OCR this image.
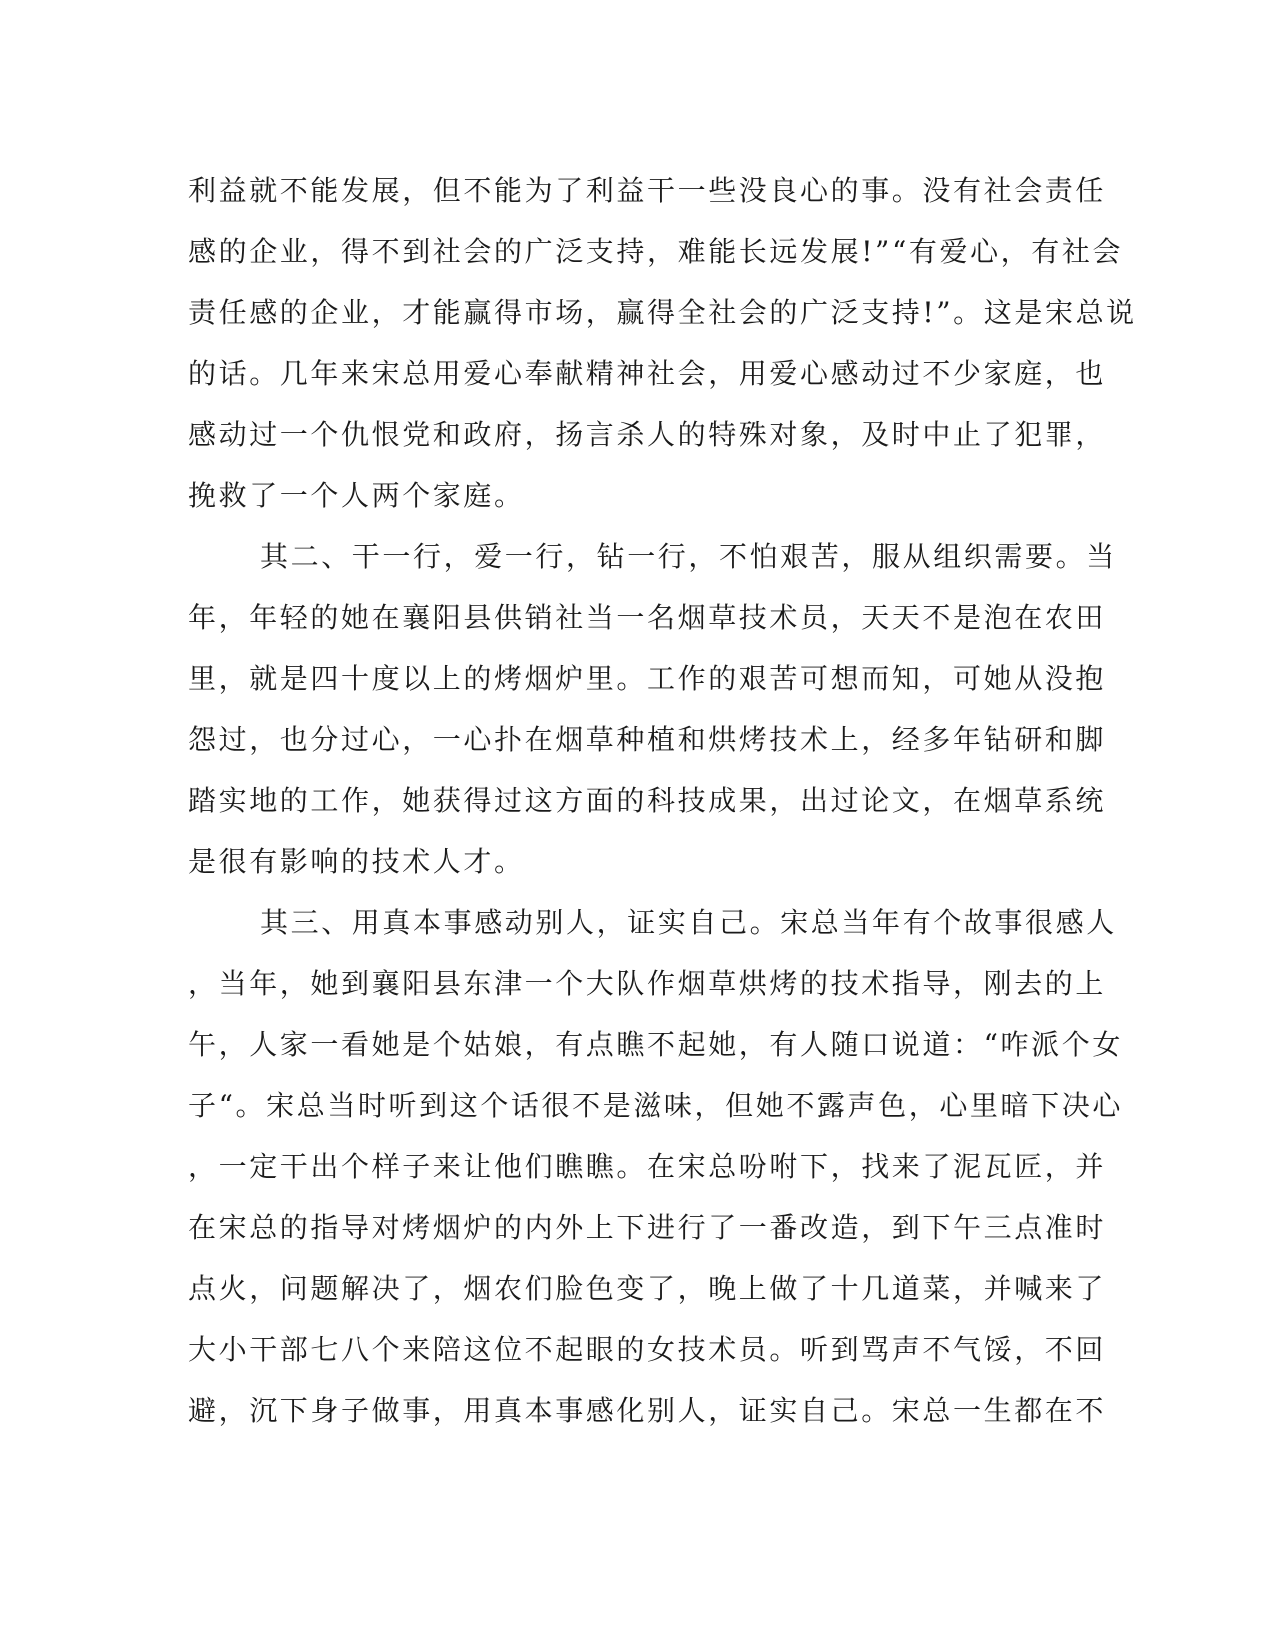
利益就不能发展，但不能为了利益干一些没良心的事。没有社会责任
感的企业，得不到社会的广泛支持，难能长远发展!”“有爱心，有社会
责任感的企业，才能赢得市场，赢得全社会的广泛支持!”。这是宋总说
的话。几年来宋总用爱心奉献精神社会，用爱心感动过不少家庭，也
感动过一个仇恨党和政府，扬言杀人的特殊对象，及时中止了犯罪，
挽救了一个人两个家庭。
其二、干一行，爱一行，钻一行，不怕艰苦，服从组织需要。当
年，年轻的她在襄阳县供销社当一名烟草技术员，天天不是泡在农田
里，就是四十度以上的烤烟炉里。工作的艰苦可想而知，可她从没抱
怨过，也分过心，一心扑在烟草种植和烘烤技术上，经多年钻研和脚
踏实地的工作，她获得过这方面的科技成果，出过论文，在烟草系统
是很有影响的技术人才。
其三、用真本事感动别人，证实自己。宋总当年有个故事很感人
，当年，她到襄阳县东津一个大队作烟草烘烤的技术指导，刚去的上
午，人家一看她是个姑娘，有点瞧不起她，有人随口说道：“咋派个女
子“。宋总当时听到这个话很不是滋味，但她不露声色，心里暗下决心
，一定干出个样子来让他们瞧瞧。在宋总吩咐下，找来了泥瓦匠，并
在宋总的指导对烤烟炉的内外上下进行了一番改造，到下午三点准时
点火，问题解决了，烟农们脸色变了，晚上做了十几道菜，并喊来了
大小干部七八个来陪这位不起眼的女技术员。听到骂声不气馁，不回
避，沉下身子做事，用真本事感化别人，证实自己。宋总一生都在不
